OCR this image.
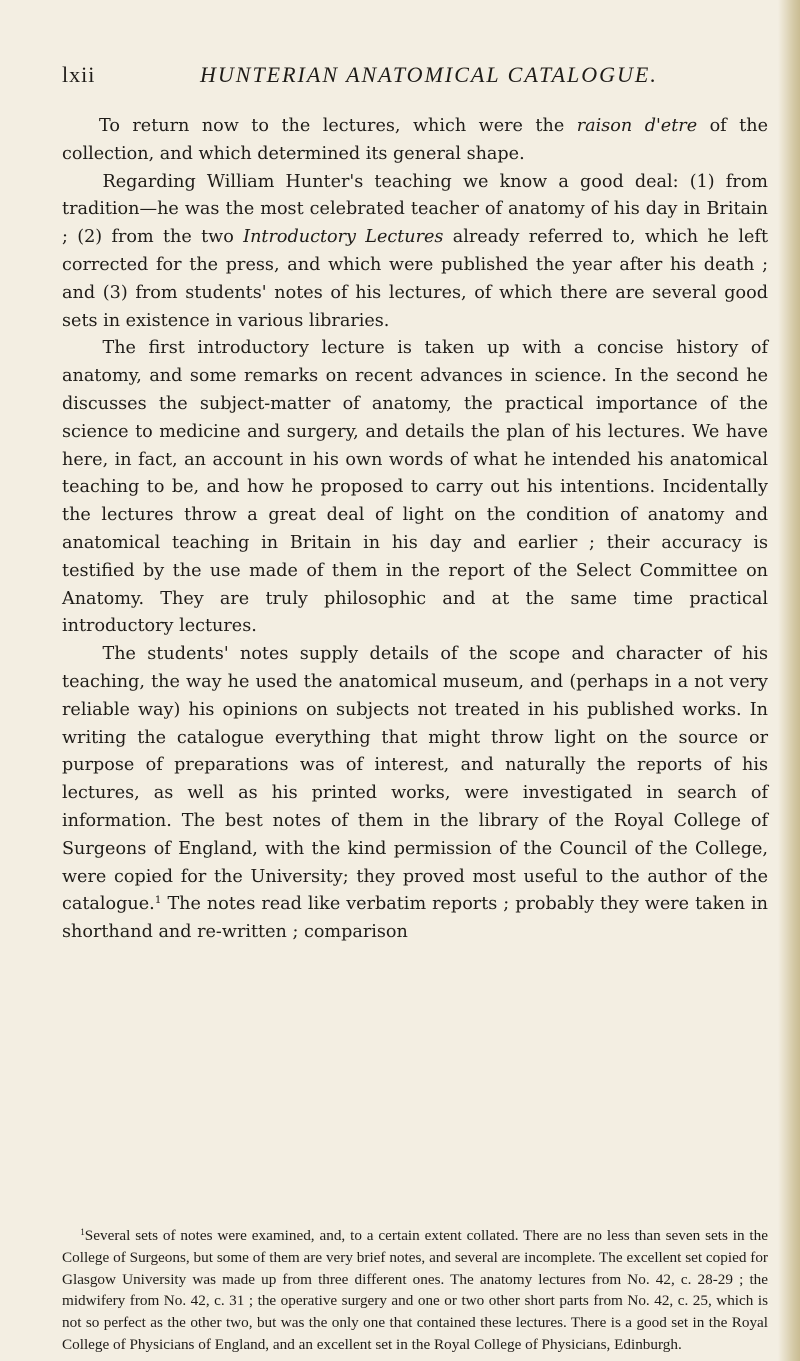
lxii	HUNTERIAN ANATOMICAL CATALOGUE.

To return now to the lectures, which were the raison d'etre of the collection, and which determined its general shape.

Regarding William Hunter's teaching we know a good deal: (1) from tradition—he was the most celebrated teacher of anatomy of his day in Britain ; (2) from the two Introductory Lectures already referred to, which he left corrected for the press, and which were published the year after his death ; and (3) from students' notes of his lectures, of which there are several good sets in existence in various libraries.

The first introductory lecture is taken up with a concise history of anatomy, and some remarks on recent advances in science. In the second he discusses the subject-matter of anatomy, the practical importance of the science to medicine and surgery, and details the plan of his lectures. We have here, in fact, an account in his own words of what he intended his anatomical teaching to be, and how he proposed to carry out his intentions. Incidentally the lectures throw a great deal of light on the condition of anatomy and anatomical teaching in Britain in his day and earlier ; their accuracy is testified by the use made of them in the report of the Select Committee on Anatomy. They are truly philosophic and at the same time practical introductory lectures.

The students' notes supply details of the scope and character of his teaching, the way he used the anatomical museum, and (perhaps in a not very reliable way) his opinions on subjects not treated in his published works. In writing the catalogue everything that might throw light on the source or purpose of preparations was of interest, and naturally the reports of his lectures, as well as his printed works, were investigated in search of information. The best notes of them in the library of the Royal College of Surgeons of England, with the kind permission of the Council of the College, were copied for the University; they proved most useful to the author of the catalogue.$^1$ The notes read like verbatim reports ; probably they were taken in shorthand and re-written ; comparison

$^1$Several sets of notes were examined, and, to a certain extent collated. There are no less than seven sets in the College of Surgeons, but some of them are very brief notes, and several are incomplete. The excellent set copied for Glasgow University was made up from three different ones. The anatomy lectures from No. 42, c. 28-29 ; the midwifery from No. 42, c. 31 ; the operative surgery and one or two other short parts from No. 42, c. 25, which is not so perfect as the other two, but was the only one that contained these lectures. There is a good set in the Royal College of Physicians of England, and an excellent set in the Royal College of Physicians, Edinburgh.
